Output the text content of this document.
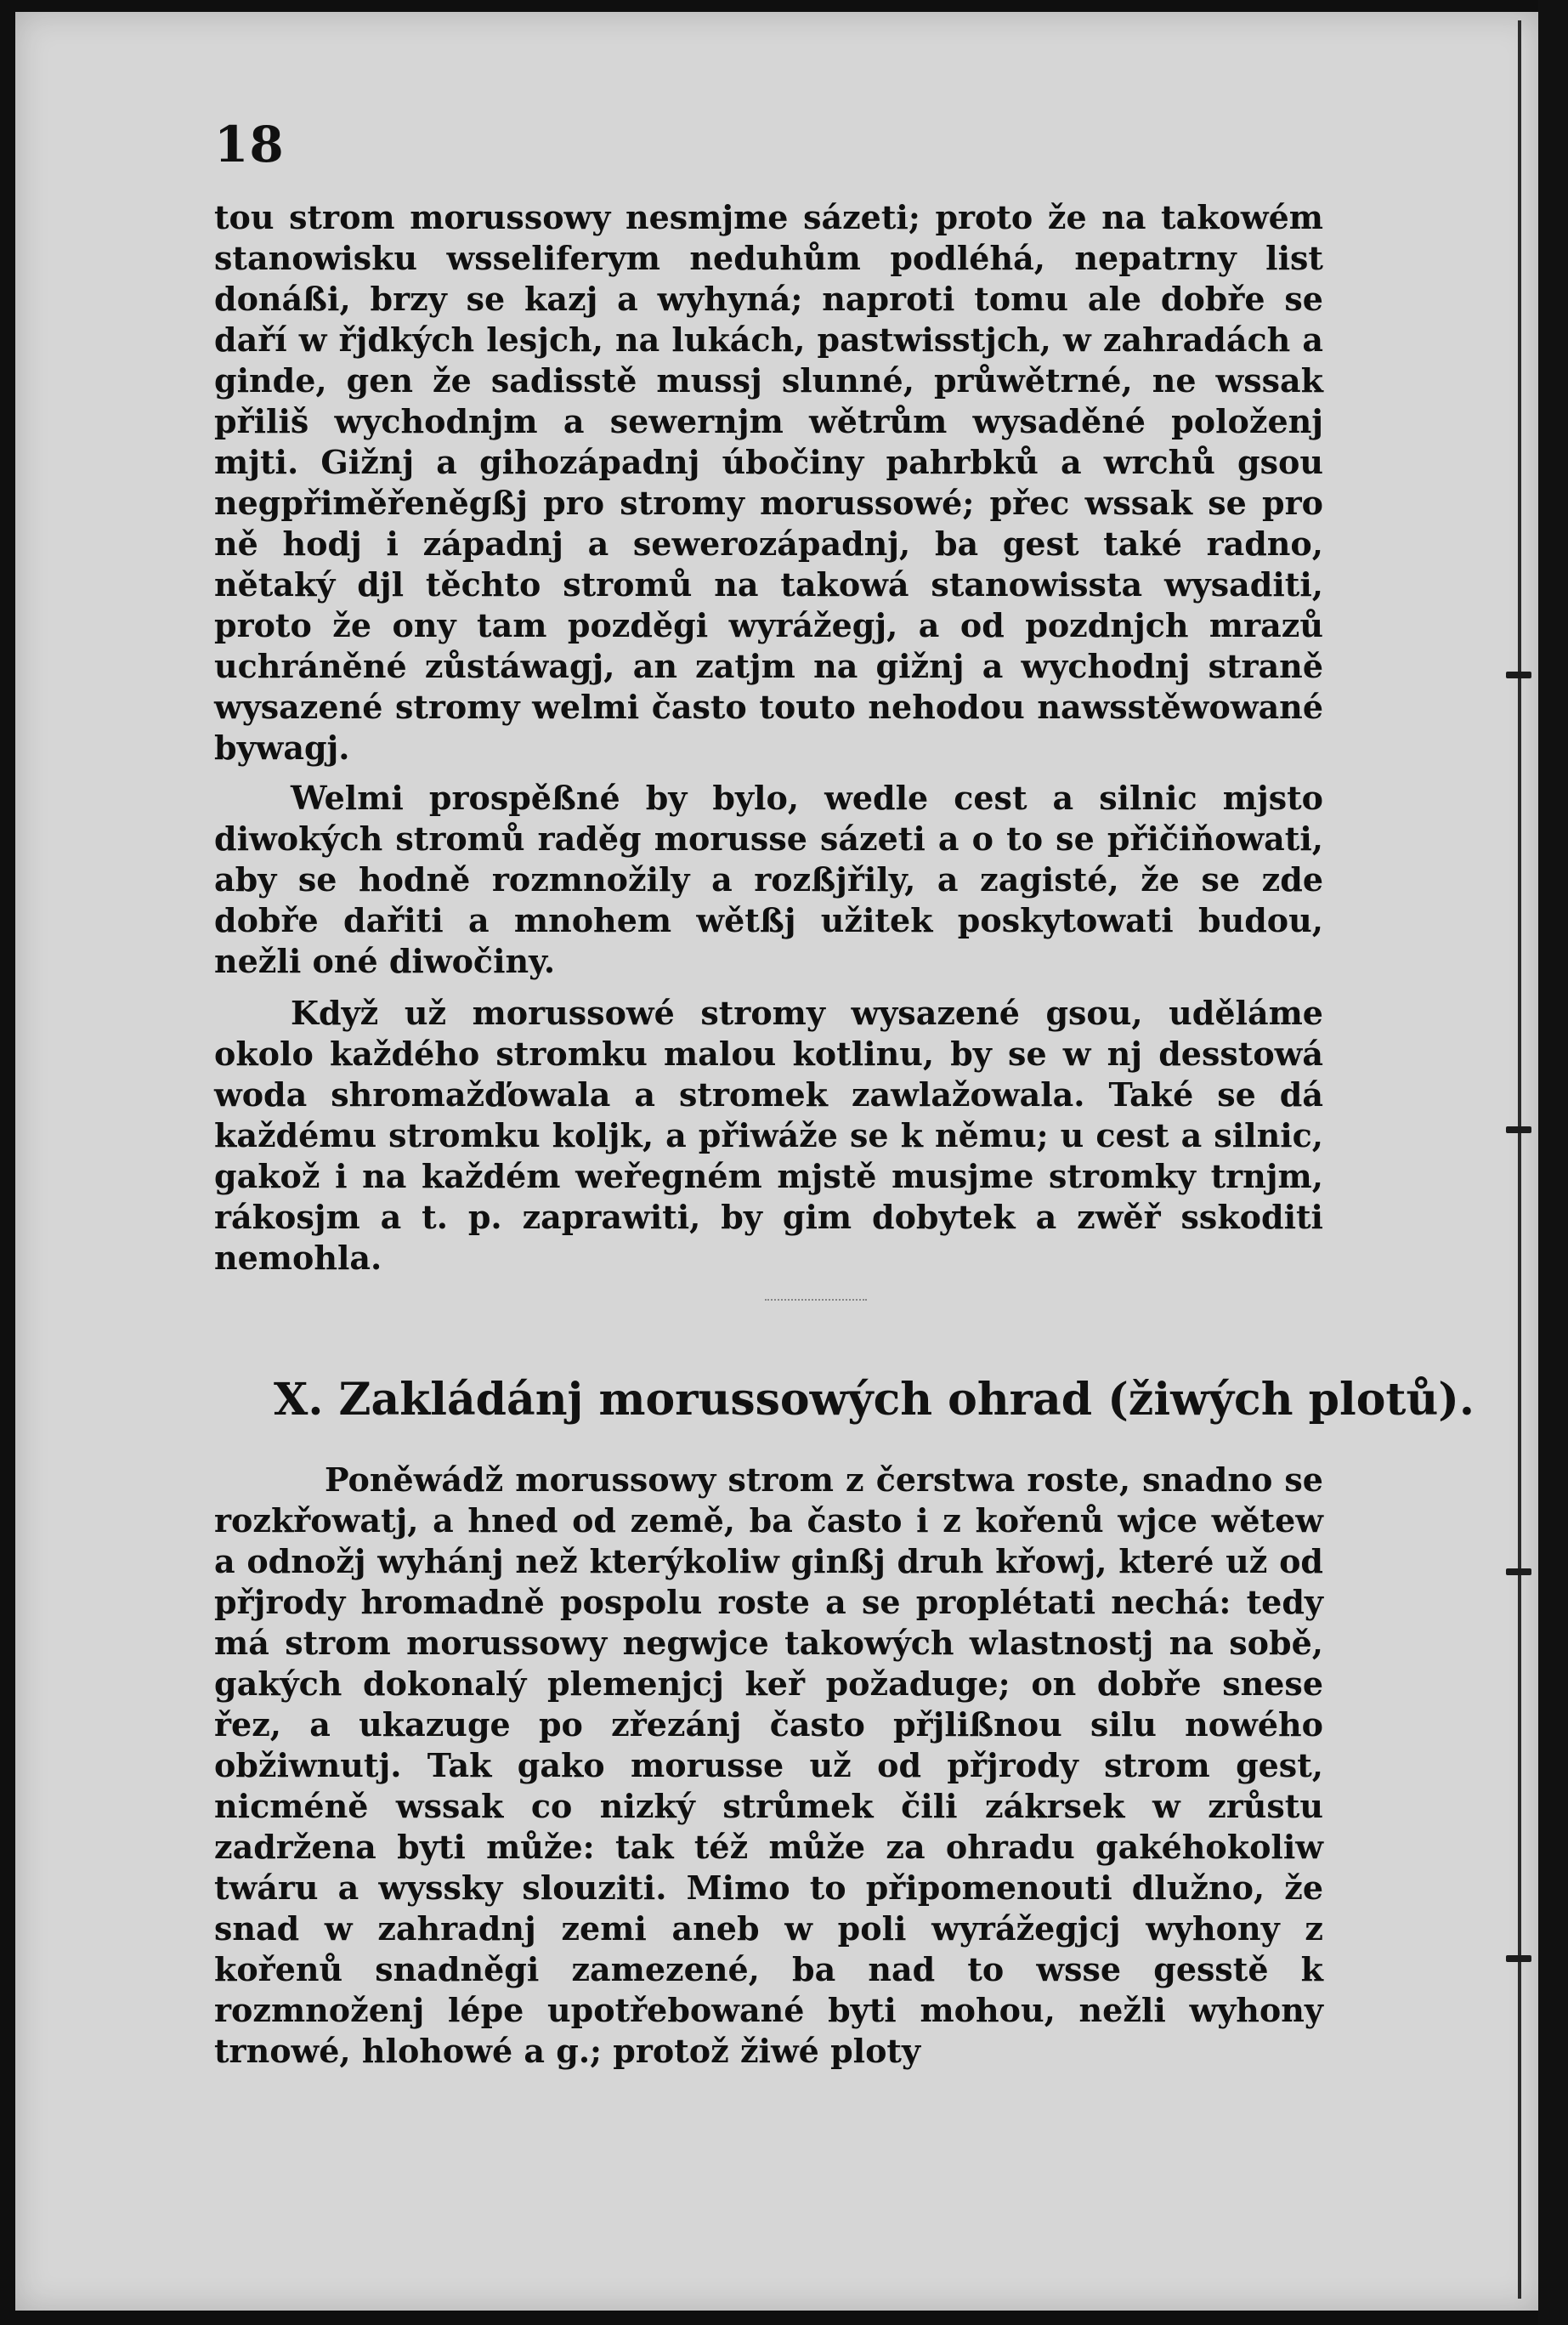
18
tou strom morussowy nesmjme sázeti; proto že na takowém stanowisku wsseliferym neduhům podléhá, nepatrny list donáßi, brzy se kazj a wyhyná; naproti tomu ale dobře se daří w řjdkých lesjch, na lukách, pastwisstjch, w zahradách a ginde, gen že sadisstě mussj slunné, průwětrné, ne wssak přiliš wychodnjm a sewernjm wětrům wysaděné položenj mjti. Gižnj a gihozápadnj úbočiny pahrbků a wrchů gsou negpřiměřeněgßj pro stromy morussowé; přec wssak se pro ně hodj i západnj a sewerozápadnj, ba gest také radno, nětaký djl těchto stromů na takowá stanowissta wysaditi, proto že ony tam pozděgi wyrážegj, a od pozdnjch mrazů uchráněné zůstáwagj, an zatjm na gižnj a wychodnj straně wysazené stromy welmi často touto nehodou nawsstěwowané bywagj.
Welmi prospěßné by bylo, wedle cest a silnic mjsto diwokých stromů raděg morusse sázeti a o to se přičiňowati, aby se hodně rozmnožily a rozßjřily, a zagisté, že se zde dobře dařiti a mnohem wětßj užitek poskytowati budou, nežli oné diwočiny.
Když už morussowé stromy wysazené gsou, uděláme okolo každého stromku malou kotlinu, by se w nj desstowá woda shromažďowala a stromek zawlažowala. Také se dá každému stromku koljk, a přiwáže se k němu; u cest a silnic, gakož i na každém weřegném mjstě musjme stromky trnjm, rákosjm a t. p. zaprawiti, by gim dobytek a zwěř sskoditi nemohla.
X. Zakládánj morussowých ohrad (žiwých plotů).
Poněwádž morussowy strom z čerstwa roste, snadno se rozkřowatj, a hned od země, ba často i z kořenů wjce wětew a odnožj wyhánj než kterýkoliw ginßj druh křowj, které už od přjrody hromadně pospolu roste a se proplétati nechá: tedy má strom morussowy negwjce takowých wlastnostj na sobě, gakých dokonalý plemenjcj keř požaduge; on dobře snese řez, a ukazuge po zřezánj často přjlißnou silu nowého obžiwnutj. Tak gako morusse už od přjrody strom gest, nicméně wssak co nizký strůmek čili zákrsek w zrůstu zadržena byti může: tak též může za ohradu gakéhokoliw twáru a wyssky slouziti. Mimo to připomenouti dlužno, že snad w zahradnj zemi aneb w poli wyrážegjcj wyhony z kořenů snadněgi zamezené, ba nad to wsse gesstě k rozmnoženj lépe upotřebowané byti mohou, nežli wyhony trnowé, hlohowé a g.; protož žiwé ploty
